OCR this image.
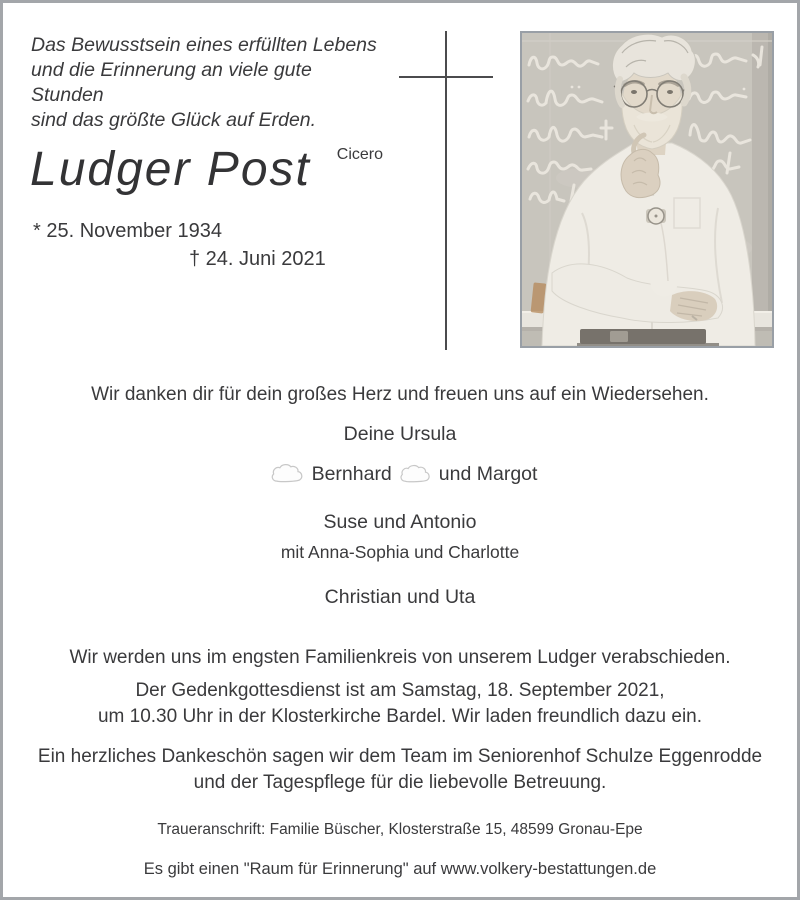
Das Bewusstsein eines erfüllten Lebens
und die Erinnerung an viele gute Stunden
sind das größte Glück auf Erden.
Cicero
Ludger Post
* 25. November 1934
† 24. Juni 2021
Wir danken dir für dein großes Herz und freuen uns auf ein Wiedersehen.
Deine Ursula
Bernhard und Margot
Suse und Antonio
mit Anna-Sophia und Charlotte
Christian und Uta
Wir werden uns im engsten Familienkreis von unserem Ludger verabschieden.
Der Gedenkgottesdienst ist am Samstag, 18. September 2021,
um 10.30 Uhr in der Klosterkirche Bardel. Wir laden freundlich dazu ein.
Ein herzliches Dankeschön sagen wir dem Team im Seniorenhof Schulze Eggenrodde
und der Tagespflege für die liebevolle Betreuung.
Traueranschrift: Familie Büscher, Klosterstraße 15, 48599 Gronau-Epe
Es gibt einen "Raum für Erinnerung" auf www.volkery-bestattungen.de
